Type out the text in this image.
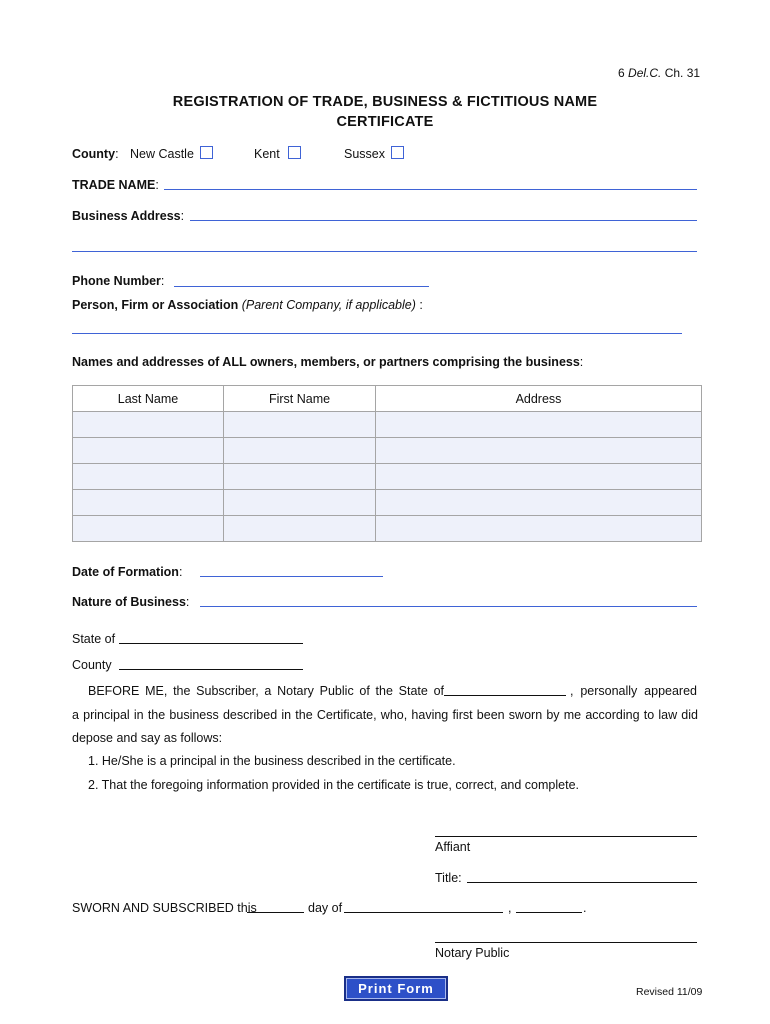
6 Del.C. Ch. 31
REGISTRATION OF TRADE, BUSINESS & FICTITIOUS NAME
CERTIFICATE
County: New Castle	Kent	Sussex
TRADE NAME:
Business Address:
Phone Number:
Person, Firm or Association (Parent Company, if applicable) :
Names and addresses of ALL owners, members, or partners comprising the business:
Last Name	First Name	Address

Date of Formation:
Nature of Business:
State of
County
BEFORE ME, the Subscriber, a Notary Public of the State of	, personally appeared
a principal in the business described in the Certificate, who, having first been sworn by me according to law did
depose and say as follows:
1. He/She is a principal in the business described in the certificate.
2. That the foregoing information provided in the certificate is true, correct, and complete.
Affiant
Title:
SWORN AND SUBSCRIBED this	day of	,	.
Notary Public
Print Form	Revised 11/09
